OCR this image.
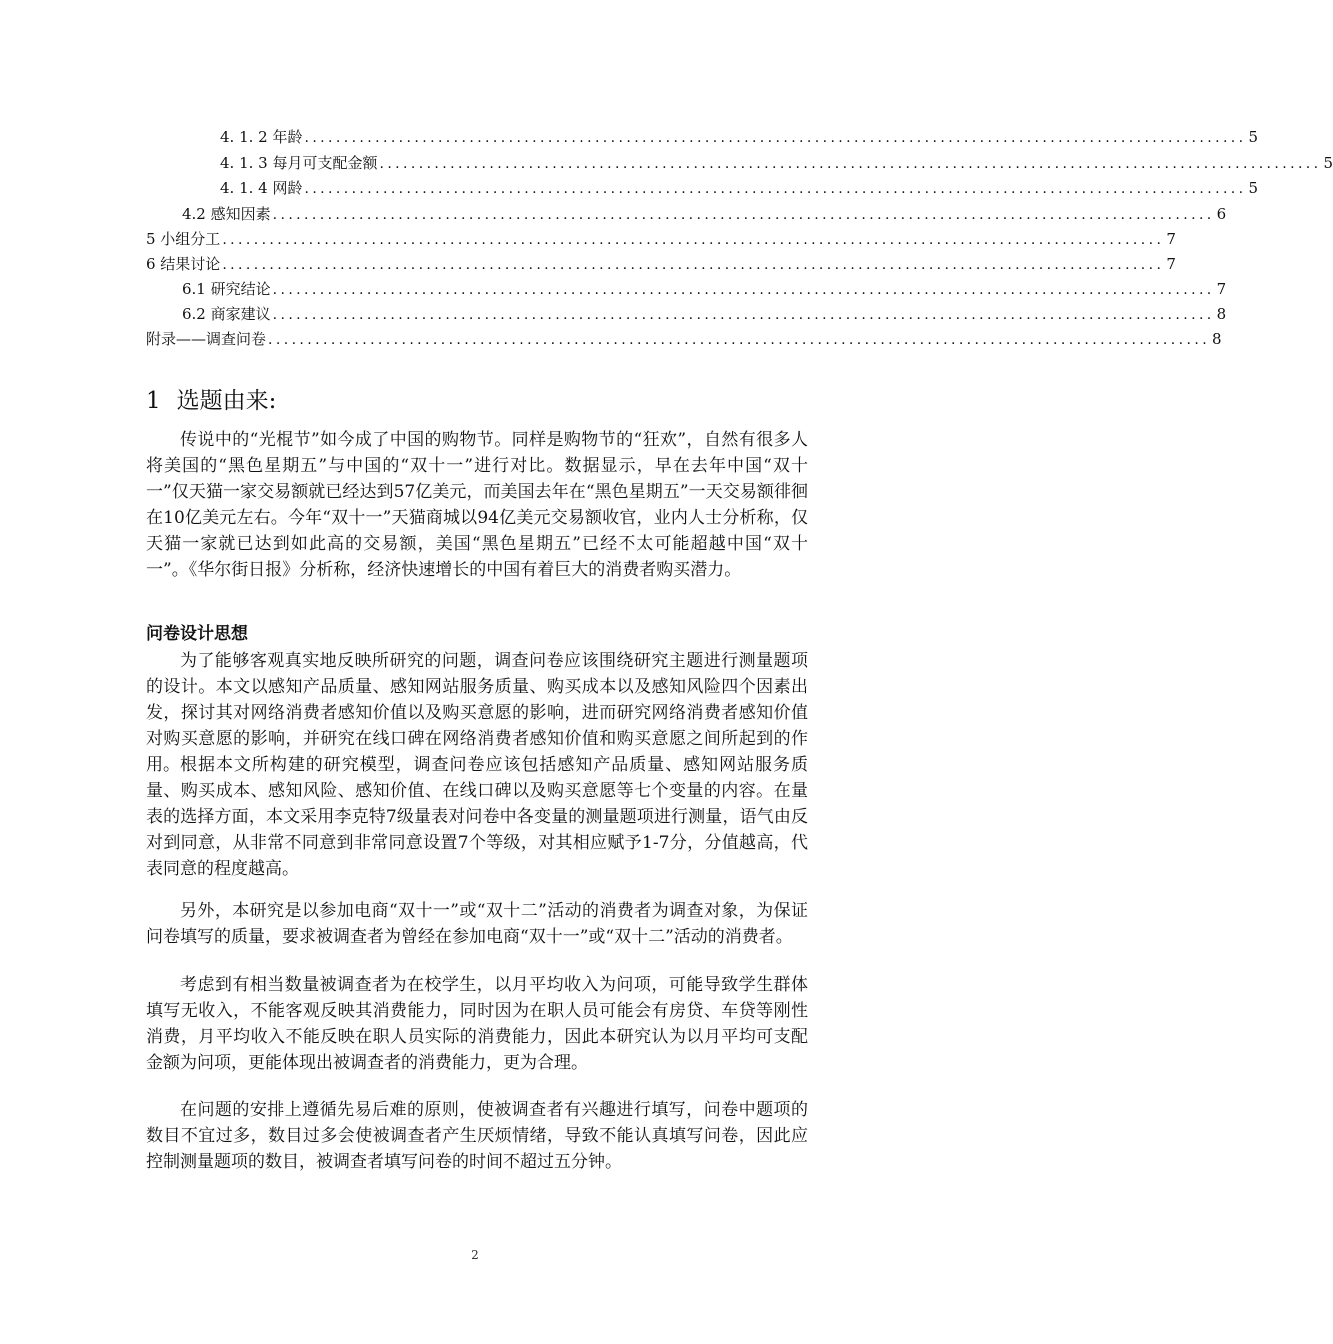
4. 1. 2 年龄 ........................................................................................................................ 5
4. 1. 3 每月可支配金额 ........................................................................................................................ 5
4. 1. 4 网龄 ........................................................................................................................ 5
4.2 感知因素 ........................................................................................................................ 6
5 小组分工 ........................................................................................................................ 7
6 结果讨论 ........................................................................................................................ 7
6.1 研究结论 ........................................................................................................................ 7
6.2 商家建议 ........................................................................................................................ 8
附录——调查问卷 ........................................................................................................................ 8
1 选题由来:

传说中的“光棍节”如今成了中国的购物节。同样是购物节的“狂欢”，自然有很多人将美国的“黑色星期五”与中国的“双十一”进行对比。数据显示，早在去年中国“双十一”仅天猫一家交易额就已经达到57亿美元，而美国去年在“黑色星期五”一天交易额徘徊在10亿美元左右。今年“双十一”天猫商城以94亿美元交易额收官，业内人士分析称，仅天猫一家就已达到如此高的交易额，美国“黑色星期五”已经不太可能超越中国“双十一”。《华尔街日报》分析称，经济快速增长的中国有着巨大的消费者购买潜力。

问卷设计思想

为了能够客观真实地反映所研究的问题，调查问卷应该围绕研究主题进行测量题项的设计。本文以感知产品质量、感知网站服务质量、购买成本以及感知风险四个因素出发，探讨其对网络消费者感知价值以及购买意愿的影响，进而研究网络消费者感知价值对购买意愿的影响，并研究在线口碑在网络消费者感知价值和购买意愿之间所起到的作用。 根据本文所构建的研究模型，调查问卷应该包括感知产品质量、感知网站服务质量、购买成本、感知风险、感知价值、在线口碑以及购买意愿等七个变量的内容。在量表的选择方面，本文采用李克特7级量表对问卷中各变量的测量题项进行测量，语气由反对到同意，从非常不同意到非常同意设置7个等级，对其相应赋予1-7分，分值越高，代表同意的程度越高。

另外，本研究是以参加电商“双十一”或“双十二”活动的消费者为调查对象，为保证问卷填写的质量，要求被调查者为曾经在参加电商“双十一”或“双十二”活动的消费者。

考虑到有相当数量被调查者为在校学生，以月平均收入为问项，可能导致学生群体填写无收入，不能客观反映其消费能力，同时因为在职人员可能会有房贷、车贷等刚性消费，月平均收入不能反映在职人员实际的消费能力，因此本研究认为以月平均可支配金额为问项，更能体现出被调查者的消费能力，更为合理。

在问题的安排上遵循先易后难的原则，使被调查者有兴趣进行填写，问卷中题项的数目不宜过多，数目过多会使被调查者产生厌烦情绪，导致不能认真填写问卷，因此应控制测量题项的数目，被调查者填写问卷的时间不超过五分钟。

2
